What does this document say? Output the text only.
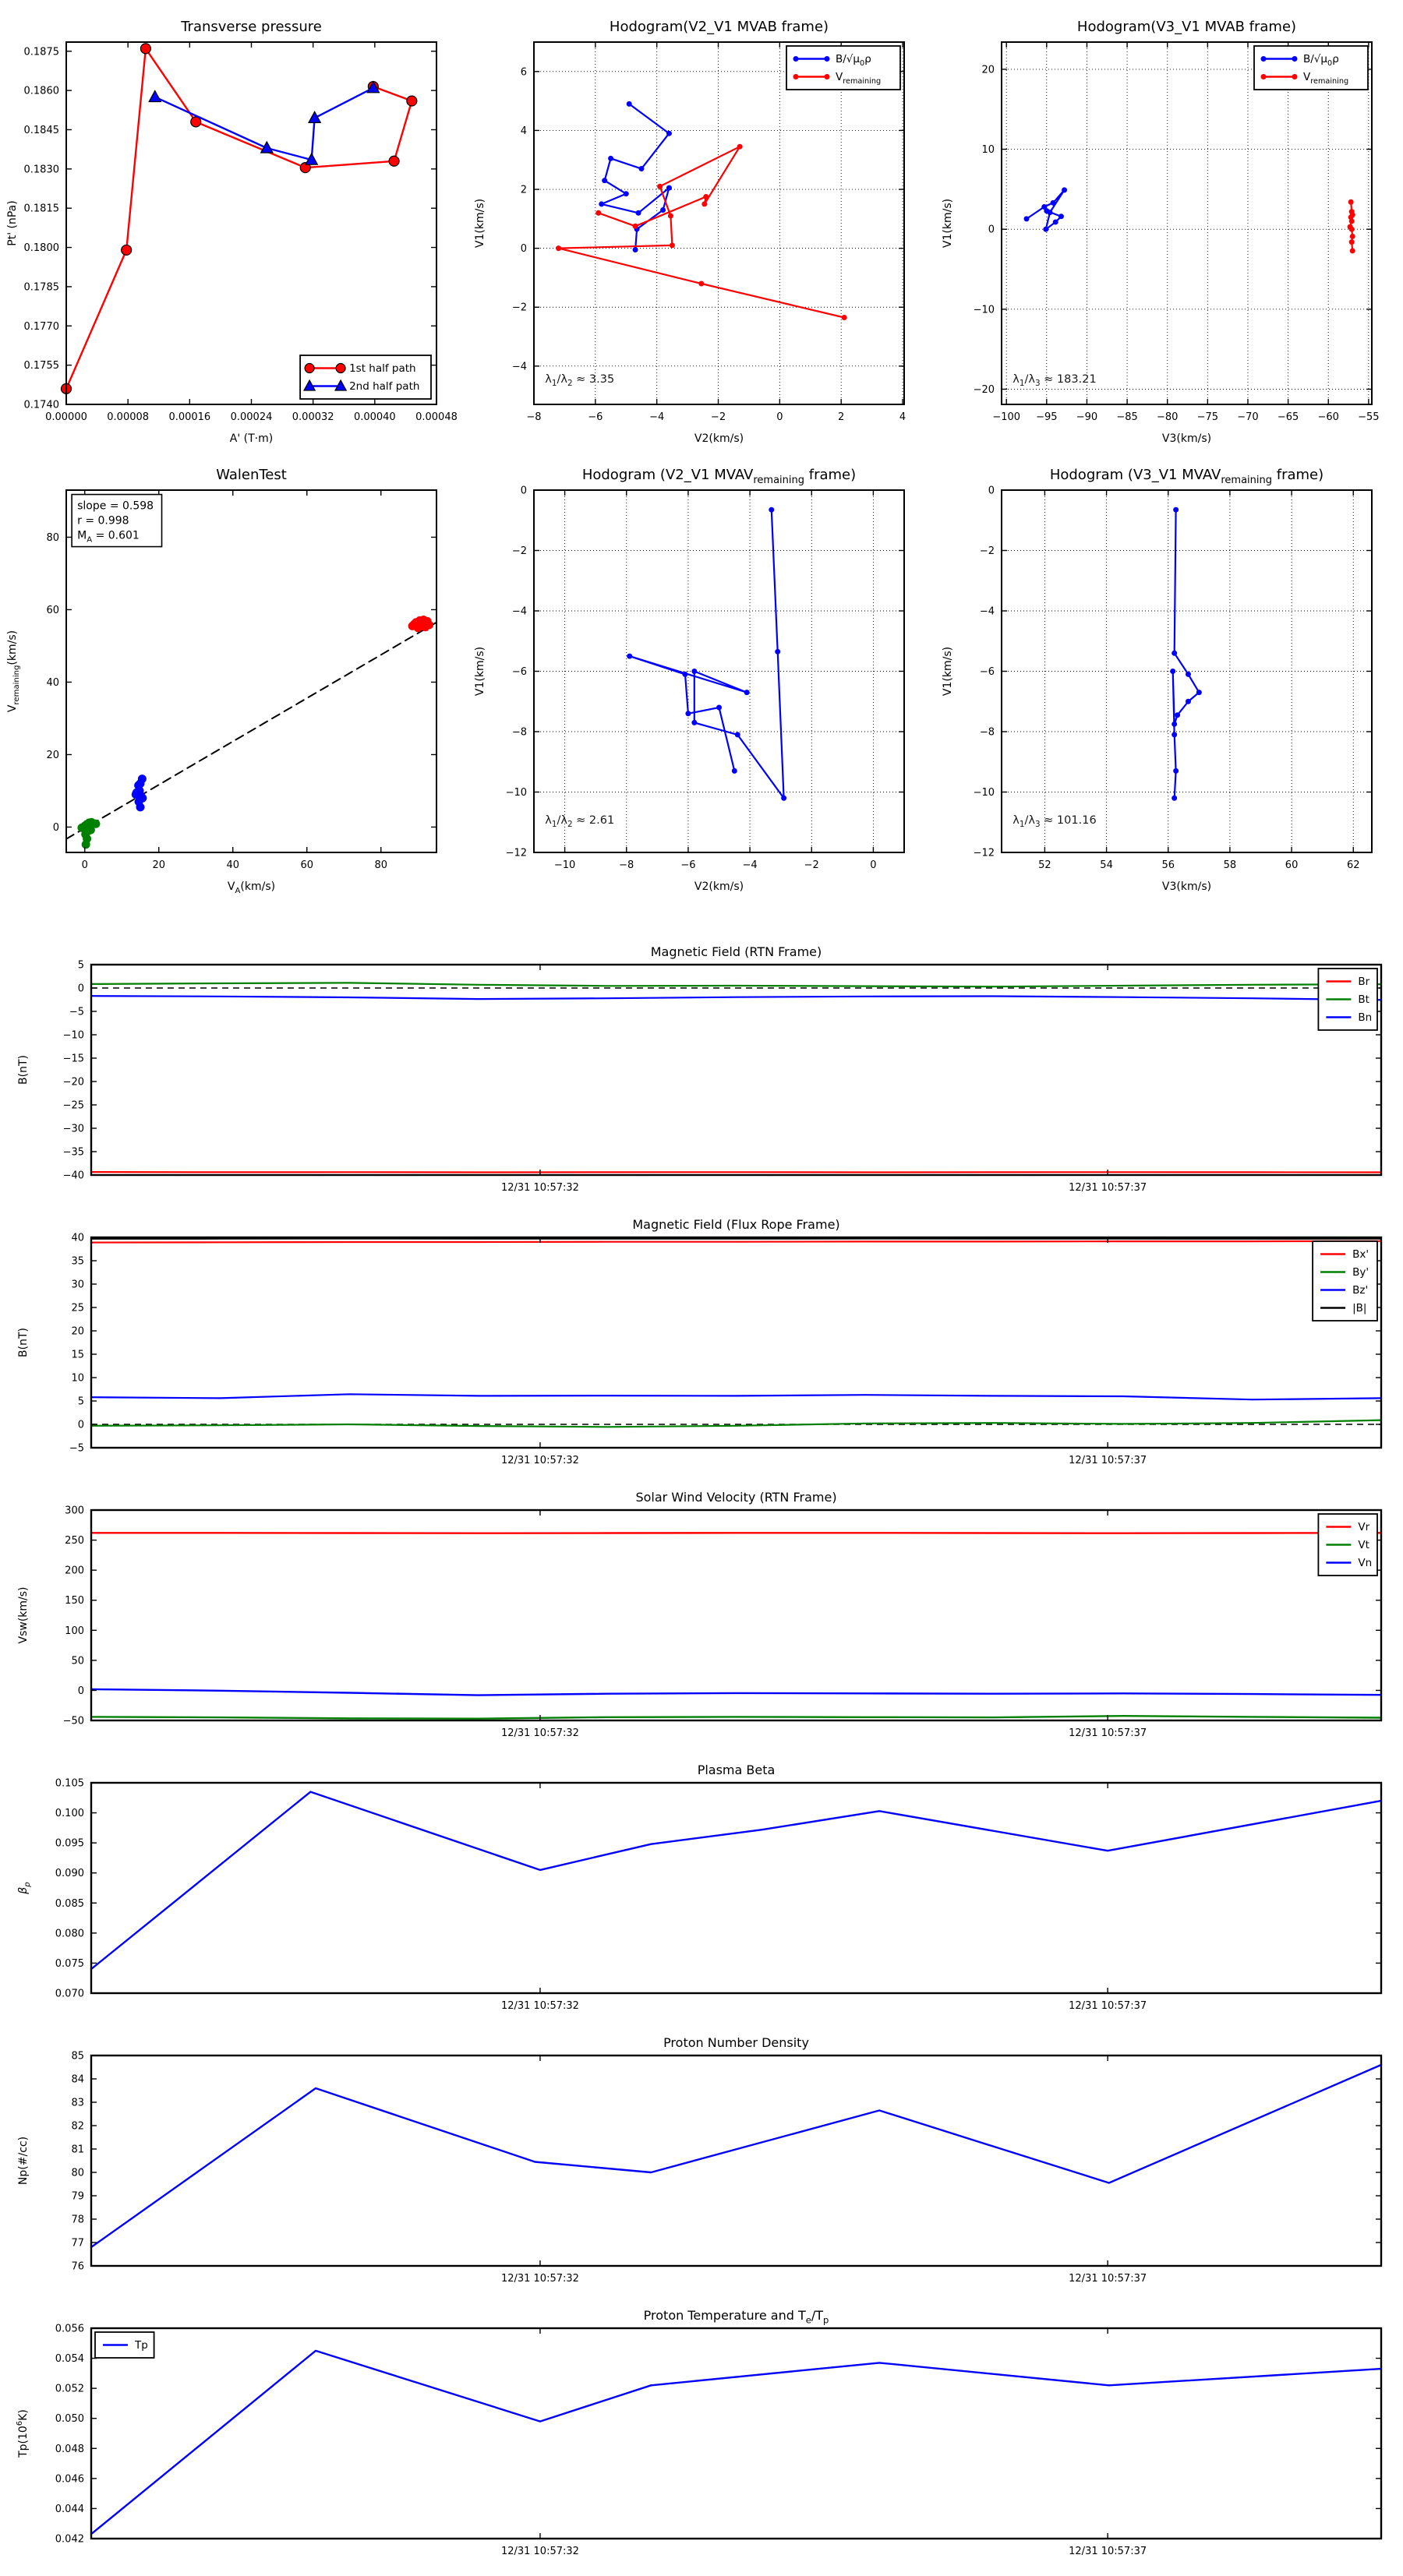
0.00000 0.00008 0.00016 0.00024 0.00032 0.00040 0.00048
0.1740
0.1755
0.1770
0.1785
0.1800
0.1815
0.1830
0.1845
0.1860
0.1875
Transverse pressure
A' (T·m)
Pt' (nPa)
1st half path
2nd half path
−8	−6	−4	−2	0	2	4
−4
−2
0
2
4
6
Hodogram(V2_V1 MVAB frame)
V2(km/s)
V1(km/s)
$B/√\mu_0\rho$
$V_{remaining}$
$\lambda_1/\lambda_2 \approx 3.35$
−100 −95 −90 −85 −80 −75 −70 −65 −60 −55
−20
−10
0
10
20
Hodogram(V3_V1 MVAB frame)
V3(km/s)
V1(km/s)
$B/√\mu_0\rho$
$V_{remaining}$
$\lambda_1/\lambda_3 \approx 183.21$
0	20	40	60	80
0
20
40
60
80
WalenTest
$V_A(km/s)$
$V_{remaining}(km/s)$
slope = 0.598
r = 0.998
$M_A = 0.601$
−10	−8	−6	−4	−2	0
0
−2
−4
−6
−8
−10
−12
Hodogram (V2_V1 $MVAV_{remaining}$ frame)
V2(km/s)
V1(km/s)
$\lambda_1/\lambda_2 \approx 2.61$
52	54	56	58	60	62
0
−2
−4
−6
−8
−10
−12
Hodogram (V3_V1 $MVAV_{remaining}$ frame)
V3(km/s)
V1(km/s)
$\lambda_1/\lambda_3 \approx 101.16$
12/31 10:57:32	12/31 10:57:37
5
0
−5
−10
−15
−20
−25
−30
−35
−40
Magnetic Field (RTN Frame)
B(nT)
Br
Bt
Bn
12/31 10:57:32	12/31 10:57:37
−5
0
5
10
15
20
25
30
35
40
Magnetic Field (Flux Rope Frame)
B(nT)
Bx'
By'
Bz'
|B|
12/31 10:57:32	12/31 10:57:37
−50
0
50
100
150
200
250
300
Solar Wind Velocity (RTN Frame)
Vsw(km/s)
Vr
Vt
Vn
12/31 10:57:32	12/31 10:57:37
0.070
0.075
0.080
0.085
0.090
0.095
0.100
0.105
Plasma Beta
$\beta_p$
12/31 10:57:32	12/31 10:57:37
76
77
78
79
80
81
82
83
84
85
Proton Number Density
Np(#/cc)
12/31 10:57:32	12/31 10:57:37
0.042
0.044
0.046
0.048
0.050
0.052
0.054
0.056
Proton Temperature and $T_e/T_p$
$Tp(10^6K)$
Tp
